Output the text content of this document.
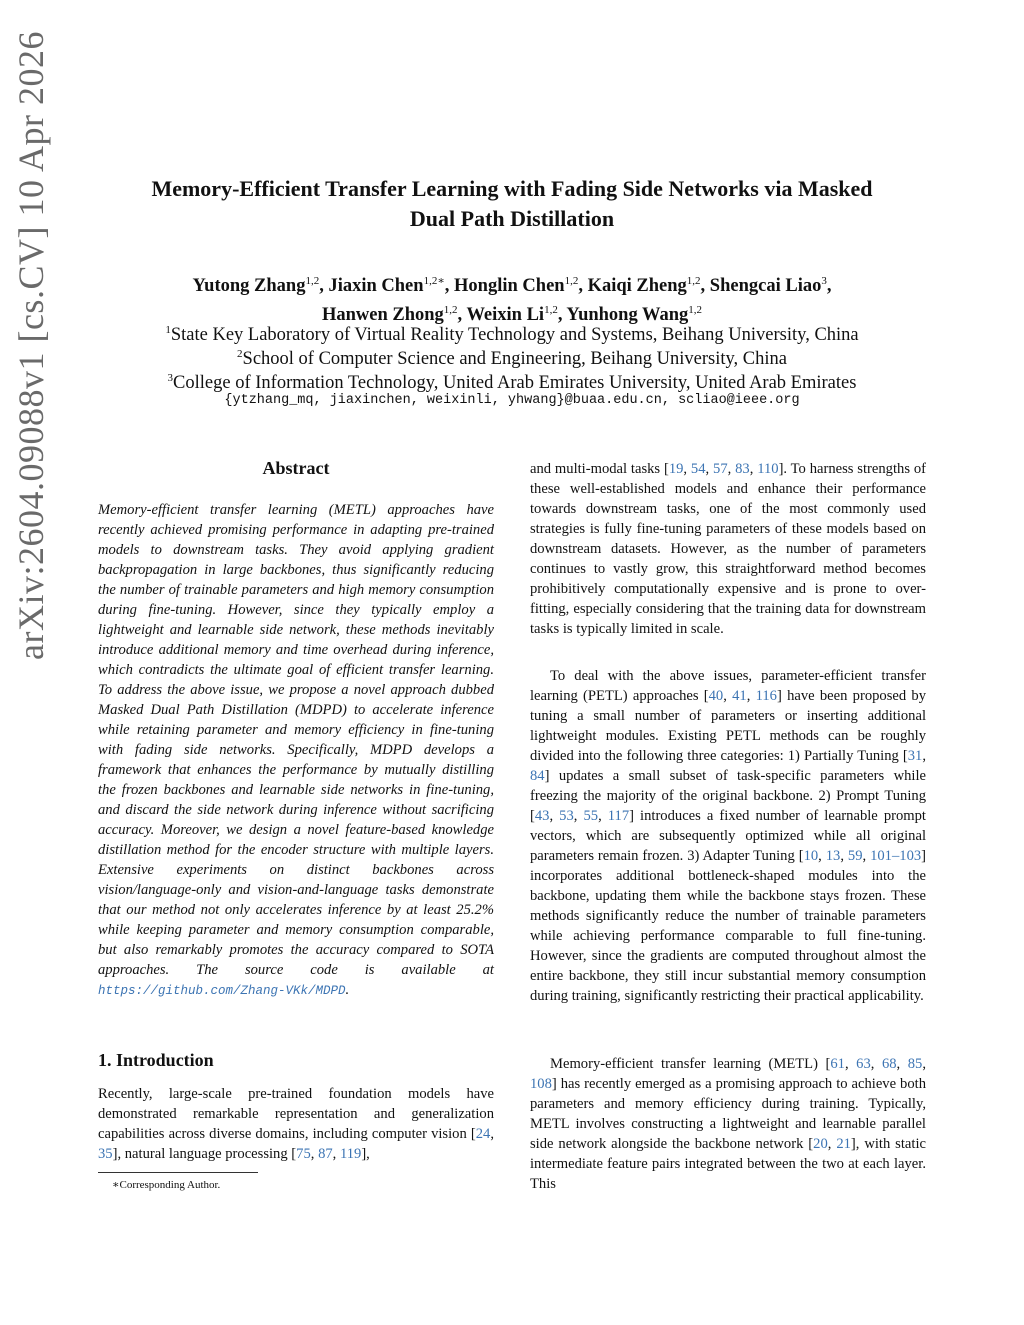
arXiv:2604.09088v1 [cs.CV] 10 Apr 2026	Memory-Efficient Transfer Learning with Fading Side Networks via Masked
Dual Path Distillation
Yutong Zhang$^{1,2}$, Jiaxin Chen$^{1,2∗}$, Honglin Chen$^{1,2}$, Kaiqi Zheng$^{1,2}$, Shengcai Liao$^3$,
Hanwen Zhong$^{1,2}$, Weixin Li$^{1,2}$, Yunhong Wang$^{1,2}$
$^1$State Key Laboratory of Virtual Reality Technology and Systems, Beihang University, China
$^2$School of Computer Science and Engineering, Beihang University, China
$^3$College of Information Technology, United Arab Emirates University, United Arab Emirates
{ytzhang_mq, jiaxinchen, weixinli, yhwang}@buaa.edu.cn, scliao@ieee.org
Abstract
Memory-efficient transfer learning (METL) approaches have recently achieved promising performance in adapting pre-trained models to downstream tasks. They avoid applying gradient backpropagation in large backbones, thus significantly reducing the number of trainable parameters and high memory consumption during fine-tuning. However, since they typically employ a lightweight and learnable side network, these methods inevitably introduce additional memory and time overhead during inference, which contradicts the ultimate goal of efficient transfer learning. To address the above issue, we propose a novel approach dubbed Masked Dual Path Distillation (MDPD) to accelerate inference while retaining parameter and memory efficiency in fine-tuning with fading side networks. Specifically, MDPD develops a framework that enhances the performance by mutually distilling the frozen backbones and learnable side networks in fine-tuning, and discard the side network during inference without sacrificing accuracy. Moreover, we design a novel feature-based knowledge distillation method for the encoder structure with multiple layers. Extensive experiments on distinct backbones across vision/language-only and vision-and-language tasks demonstrate that our method not only accelerates inference by at least 25.2% while keeping parameter and memory consumption comparable, but also remarkably promotes the accuracy compared to SOTA approaches. The source code is available at https://github.com/Zhang-VKk/MDPD.
1. Introduction
Recently, large-scale pre-trained foundation models have demonstrated remarkable representation and generalization capabilities across diverse domains, including computer vision [24, 35], natural language processing [75, 87, 119],
∗Corresponding Author.
and multi-modal tasks [19, 54, 57, 83, 110]. To harness strengths of these well-established models and enhance their performance towards downstream tasks, one of the most commonly used strategies is fully fine-tuning parameters of these models based on downstream datasets. However, as the number of parameters continues to vastly grow, this straightforward method becomes prohibitively computationally expensive and is prone to over-fitting, especially considering that the training data for downstream tasks is typically limited in scale.
To deal with the above issues, parameter-efficient transfer learning (PETL) approaches [40, 41, 116] have been proposed by tuning a small number of parameters or inserting additional lightweight modules. Existing PETL methods can be roughly divided into the following three categories: 1) Partially Tuning [31, 84] updates a small subset of task-specific parameters while freezing the majority of the original backbone. 2) Prompt Tuning [43, 53, 55, 117] introduces a fixed number of learnable prompt vectors, which are subsequently optimized while all original parameters remain frozen. 3) Adapter Tuning [10, 13, 59, 101–103] incorporates additional bottleneck-shaped modules into the backbone, updating them while the backbone stays frozen. These methods significantly reduce the number of trainable parameters while achieving performance comparable to full fine-tuning. However, since the gradients are computed throughout almost the entire backbone, they still incur substantial memory consumption during training, significantly restricting their practical applicability.
Memory-efficient transfer learning (METL) [61, 63, 68, 85, 108] has recently emerged as a promising approach to achieve both parameters and memory efficiency during training. Typically, METL involves constructing a lightweight and learnable parallel side network alongside the backbone network [20, 21], with static intermediate feature pairs integrated between the two at each layer. This
